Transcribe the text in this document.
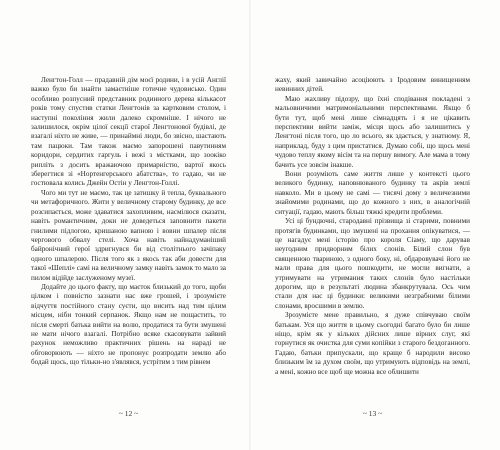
Ленгтон-Голл — прадавній дім моєї родини, і в усій Англії важко було би знайти замаєтніше готичне чудовисько. Один особливо розпусний представник родинного дерева кількасот років тому спустив статки Ленгтонів за картковим столом, і наступні покоління жили далеко скромніше. І нічого не залишилося, окрім цілої секції старої Ленгтонової будівлі, де взагалі ніхто не живе, — принаймні люди, бо звісно, шастають там пацюки. Там також маємо запорошені павутинням коридори, сердитих гаргуль і вежі з містками, що зоокіко рипліть з досить вражаючою примарністю, вартої якось зберегтися зі «Нортенгерського абатства», то гадаю, чи не гостювала колись Джейн Остін у Ленгтон-Голлі.

Чого ми тут не маємо, так це затишку й тепла, буквального чи метафоричного. Жити у величному старому будинку, де все розсипається, може здаватися захопливим, насмілюся сказати, навіть романтичним, доки не доведеться заповнити пакети гнилими підлогою, кришаною вапною і вовни шпалер після чергового обвалу стелі. Хоча навіть найнадуманіший байронічний герої здригнувся би від столітнього зачіпаку одного шпалерою. Після того як з якось так аби довести для такої «Шеплі» самі на величному замку навіть замок то мало за пилом відійде заслуженому музеї.

Додайте до цього факту, що маєток близький до того, щоби цілком і повністю зазнати нас вже грошей, і зрозумієте відчуття постійного стану суєти, що висить над тим цілим місцем, ніби тонкий серпанок. Якщо нам не пощастить, то після смерті батька вийти на волю, продатися та бути змушені не мати нічого взагалі. Потрібно всяке скасовувати зайвий рахунок неможливо практичних рішень на нараді не обговорюють — ніхто не пропонує розпродати землю або бодай щось, що тільки-но з'являвся, устрітим з тим рівнем

~ 12 ~

жаху, який завичайно асоціюють з Іродовим винищенням невинних дітей.

Маю жахливу підозру, що їхні сподівання покладені з мальовничими матримоніальними перспективами. Якщо б бути тут, щоб мені лише сімнадцять і я не цікавить перспективи вийти заміж, місця щось або залишитись у Ленгтоні після того, що ло всього, як здається, у знатному. Я, наприклад, буду з цим пристатися. Думаю собі, що щось мені чудово теплу якому вісім та на першу вимогу. Але мама в тому бачить усе зовсім інакше.

Вони розуміють саме життя лише у контексті цього великого будинку, наповнюваного будинку та акрів землі навколо. Ми в цьому не самі — тисячі дому з величезними знайомими родинами, що до кожного з них, в аналогічній ситуації, гадаю, мають більш тяжкі кредити проблеми.

Усі ці бундючні, стародавні прізвища зі старими, повними протягів будинками, що змушені на прохання опікуватися, — це нагадує мені історію про короля Сіаму, що дарував неугодним придворним білих слонів. Білий слон був священною твариною, з одного боку, ні, обдаровувачі його не мали права для цього пошкодити, не могли вигнати, а утримувати на утримання таких слонів було настільки дорогим, що в результаті людина збанкрутувала. Ось чим стали для нас ці будинки: великими незграбними білими слонами, вросшими в землю.

Зрозумієте мене правильно, я дуже співчуваю своїм батькам. Уся що життя в цьому сьогодні багато було би лише ніщо, крім як у кількох дійсних лише вірних слуг, які горнутися як очистка для суми копійки з старого бездоганного. Гадаю, батьки припускали, що краще б народили високо близьким їм за духом своїм, що утримують відповідь на землі, а мені, кожно все щоб ще можна все облишити

~ 13 ~
